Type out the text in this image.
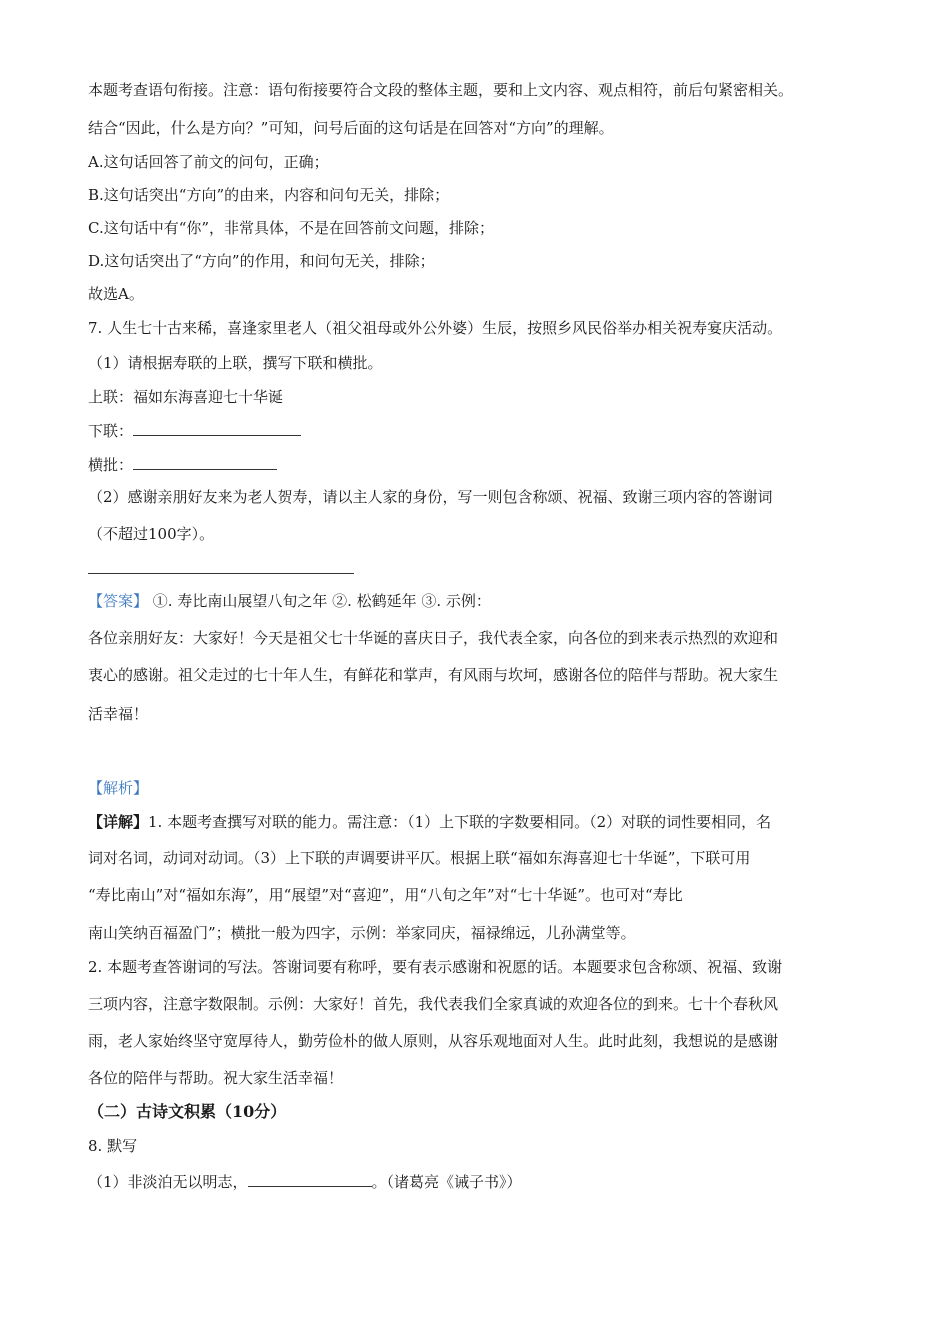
本题考查语句衔接。注意：语句衔接要符合文段的整体主题，要和上文内容、观点相符，前后句紧密相关。
结合“因此，什么是方向？”可知，问号后面的这句话是在回答对“方向”的理解。
A.这句话回答了前文的问句，正确；
B.这句话突出“方向”的由来，内容和问句无关，排除；
C.这句话中有“你”，非常具体，不是在回答前文问题，排除；
D.这句话突出了“方向”的作用，和问句无关，排除；
故选A。
7. 人生七十古来稀，喜逢家里老人（祖父祖母或外公外婆）生辰，按照乡风民俗举办相关祝寿宴庆活动。
（1）请根据寿联的上联，撰写下联和横批。
上联：福如东海喜迎七十华诞
下联：
横批：
（2）感谢亲朋好友来为老人贺寿，请以主人家的身份，写一则包含称颂、祝福、致谢三项内容的答谢词
（不超过100字）。
【答案】 ①. 寿比南山展望八旬之年 ②. 松鹤延年 ③. 示例：
各位亲朋好友：大家好！今天是祖父七十华诞的喜庆日子，我代表全家，向各位的到来表示热烈的欢迎和
衷心的感谢。祖父走过的七十年人生，有鲜花和掌声，有风雨与坎坷，感谢各位的陪伴与帮助。祝大家生
活幸福！
【解析】
【详解】1. 本题考查撰写对联的能力。需注意：（1）上下联的字数要相同。（2）对联的词性要相同，名
词对名词，动词对动词。（3）上下联的声调要讲平仄。根据上联“福如东海喜迎七十华诞”，下联可用
“寿比南山”对“福如东海”，用“展望”对“喜迎”，用“八旬之年”对“七十华诞”。也可对“寿比
南山笑纳百福盈门”；横批一般为四字，示例：举家同庆，福禄绵远，儿孙满堂等。
2. 本题考查答谢词的写法。答谢词要有称呼，要有表示感谢和祝愿的话。本题要求包含称颂、祝福、致谢
三项内容，注意字数限制。示例：大家好！首先，我代表我们全家真诚的欢迎各位的到来。七十个春秋风
雨，老人家始终坚守宽厚待人，勤劳俭朴的做人原则，从容乐观地面对人生。此时此刻，我想说的是感谢
各位的陪伴与帮助。祝大家生活幸福！
（二）古诗文积累（10分）
8. 默写
（1）非淡泊无以明志，	。（诸葛亮《诫子书》）
